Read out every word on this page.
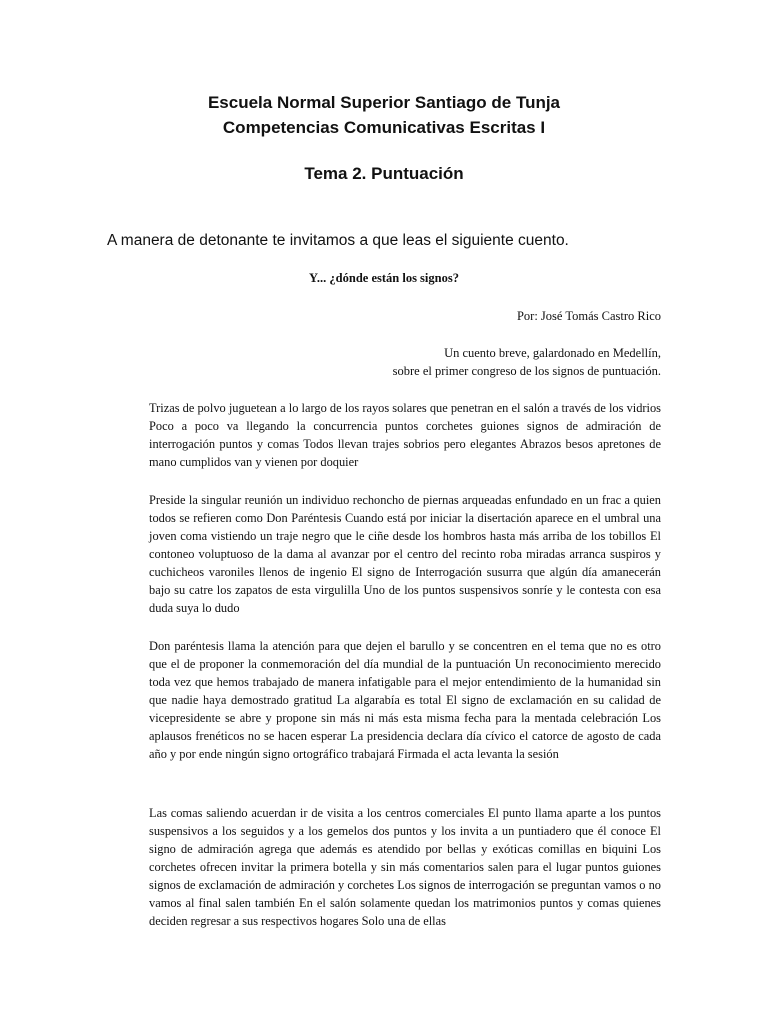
Escuela Normal Superior Santiago de Tunja
Competencias Comunicativas Escritas I
Tema 2. Puntuación
A manera de detonante te invitamos a que leas el siguiente cuento.
Y... ¿dónde están los signos?
Por: José Tomás Castro Rico
Un cuento breve, galardonado en Medellín,
sobre el primer congreso de los signos de puntuación.

Trizas de polvo juguetean a lo largo de los rayos solares que penetran en el salón a través de los vidrios Poco a poco va llegando la concurrencia puntos corchetes guiones signos de admiración de interrogación puntos y comas Todos llevan trajes sobrios pero elegantes Abrazos besos apretones de mano cumplidos van y vienen por doquier

Preside la singular reunión un individuo rechoncho de piernas arqueadas enfundado en un frac a quien todos se refieren como Don Paréntesis Cuando está por iniciar la disertación aparece en el umbral una joven coma vistiendo un traje negro que le ciñe desde los hombros hasta más arriba de los tobillos El contoneo voluptuoso de la dama al avanzar por el centro del recinto roba miradas arranca suspiros y cuchicheos varoniles llenos de ingenio El signo de Interrogación susurra que algún día amanecerán bajo su catre los zapatos de esta virgulilla Uno de los puntos suspensivos sonríe y le contesta con esa duda suya lo dudo

Don paréntesis llama la atención para que dejen el barullo y se concentren en el tema que no es otro que el de proponer la conmemoración del día mundial de la puntuación Un reconocimiento merecido toda vez que hemos trabajado de manera infatigable para el mejor entendimiento de la humanidad sin que nadie haya demostrado gratitud La algarabía es total El signo de exclamación en su calidad de vicepresidente se abre y propone sin más ni más esta misma fecha para la mentada celebración Los aplausos frenéticos no se hacen esperar La presidencia declara día cívico el catorce de agosto de cada año y por ende ningún signo ortográfico trabajará Firmada el acta levanta la sesión

Las comas saliendo acuerdan ir de visita a los centros comerciales El punto llama aparte a los puntos suspensivos a los seguidos y a los gemelos dos puntos y los invita a un puntiadero que él conoce El signo de admiración agrega que además es atendido por bellas y exóticas comillas en biquini Los corchetes ofrecen invitar la primera botella y sin más comentarios salen para el lugar puntos guiones signos de exclamación de admiración y corchetes Los signos de interrogación se preguntan vamos o no vamos al final salen también En el salón solamente quedan los matrimonios puntos y comas quienes deciden regresar a sus respectivos hogares Solo una de ellas
